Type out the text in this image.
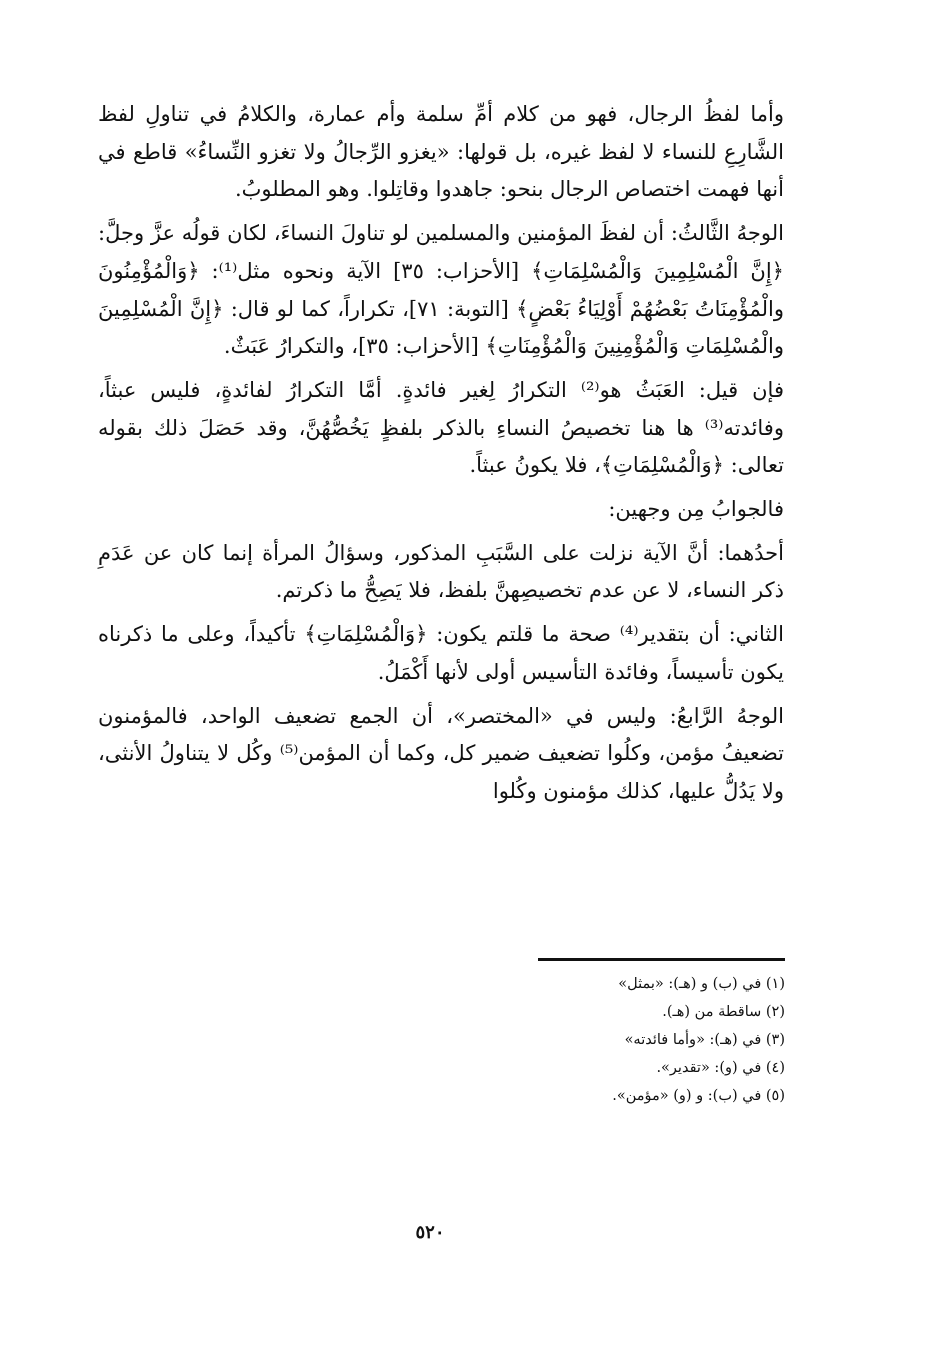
وأما لفظُ الرجال، فهو من كلام أمِّ سلمة وأم عمارة، والكلامُ في تناولِ لفظ الشَّارِعِ للنساء لا لفظ غيره، بل قولها: «يغزو الرِّجالُ ولا تغزو النِّساءُ» قاطع في أنها فهمت اختصاص الرجال بنحو: جاهدوا وقاتِلوا. وهو المطلوبُ.

الوجهُ الثَّالثُ: أن لفظَ المؤمنين والمسلمين لو تناولَ النساءَ، لكان قولُه عزَّ وجلَّ: ﴿إِنَّ الْمُسْلِمِينَ وَالْمُسْلِمَاتِ﴾ [الأحزاب: ٣٥] الآية ونحوه مثل⁽¹⁾: ﴿وَالْمُؤْمِنُونَ والْمُؤْمِنَاتُ بَعْضُهُمْ أَوْلِيَاءُ بَعْضٍ﴾ [التوبة: ٧١]، تكراراً، كما لو قال: ﴿إِنَّ الْمُسْلِمِينَ والْمُسْلِمَاتِ وَالْمُؤْمِنِينَ وَالْمُؤْمِنَاتِ﴾ [الأحزاب: ٣٥]، والتكرارُ عَبَثٌ.

فإن قيل: العَبَثُ هو⁽²⁾ التكرارُ لِغير فائدةٍ. أمَّا التكرارُ لفائدةٍ، فليس عبثاً، وفائدته⁽³⁾ ها هنا تخصيصُ النساءِ بالذكر بلفظٍ يَخُصُّهُنَّ، وقد حَصَلَ ذلك بقوله تعالى: ﴿وَالْمُسْلِمَاتِ﴾، فلا يكونُ عبثاً.

فالجوابُ مِن وجهين:

أحدُهما: أنَّ الآية نزلت على السَّبَبِ المذكور، وسؤالُ المرأة إنما كان عن عَدَمِ ذكر النساء، لا عن عدم تخصيصِهنَّ بلفظ، فلا يَصِحُّ ما ذكرتم.

الثاني: أن بتقدير⁽⁴⁾ صحة ما قلتم يكون: ﴿وَالْمُسْلِمَاتِ﴾ تأكيداً، وعلى ما ذكرناه يكون تأسيساً، وفائدة التأسيس أولى لأنها أَكْمَلُ.

الوجهُ الرَّابعُ: وليس في «المختصر»، أن الجمع تضعيف الواحد، فالمؤمنون تضعيفُ مؤمن، وكلُوا تضعيف ضمير كل، وكما أن المؤمن⁽⁵⁾ وكُل لا يتناولُ الأنثى، ولا يَدُلُّ عليها، كذلك مؤمنون وكُلوا

(١) في (ب) و (هـ): «بمثل»

(٢) ساقطة من (هـ).

(٣) في (هـ): «وأما فائدته»

(٤) في (و): «تقدير».

(٥) في (ب): و (و) «مؤمن».

٥٢٠
